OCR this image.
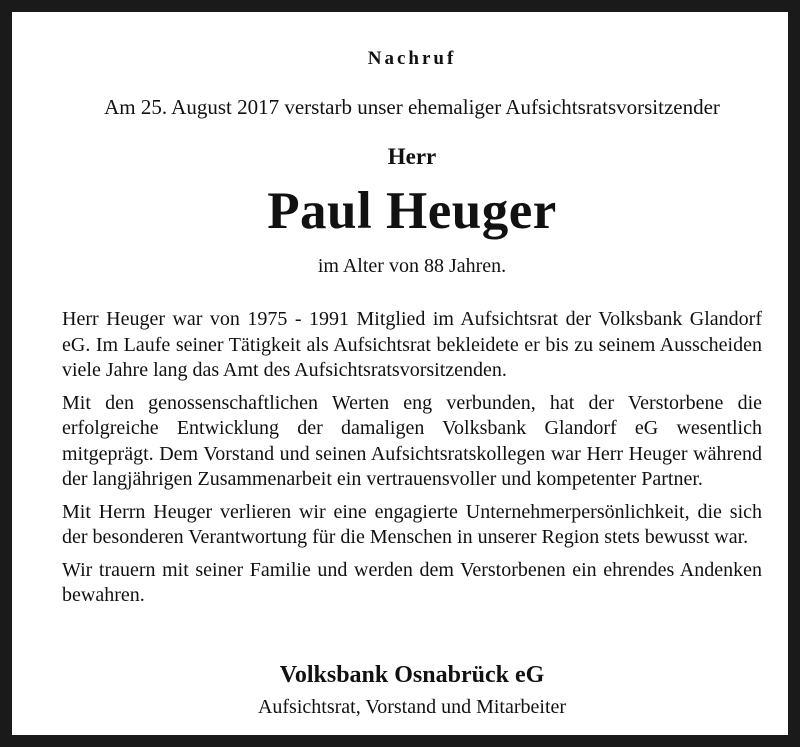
Nachruf
Am 25. August 2017 verstarb unser ehemaliger Aufsichtsratsvorsitzender
Herr
Paul Heuger
im Alter von 88 Jahren.

Herr Heuger war von 1975 - 1991 Mitglied im Aufsichtsrat der Volksbank Glandorf eG. Im Laufe seiner Tätigkeit als Aufsichtsrat bekleidete er bis zu seinem Ausscheiden viele Jahre lang das Amt des Aufsichtsratsvorsitzenden.

Mit den genossenschaftlichen Werten eng verbunden, hat der Verstorbene die erfolgreiche Entwicklung der damaligen Volksbank Glandorf eG wesentlich mitgeprägt. Dem Vorstand und seinen Aufsichtsratskollegen war Herr Heuger während der langjährigen Zusammenarbeit ein vertrauensvoller und kompetenter Partner.

Mit Herrn Heuger verlieren wir eine engagierte Unternehmerpersönlichkeit, die sich der besonderen Verantwortung für die Menschen in unserer Region stets bewusst war.

Wir trauern mit seiner Familie und werden dem Verstorbenen ein ehrendes Andenken bewahren.

Volksbank Osnabrück eG
Aufsichtsrat, Vorstand und Mitarbeiter
